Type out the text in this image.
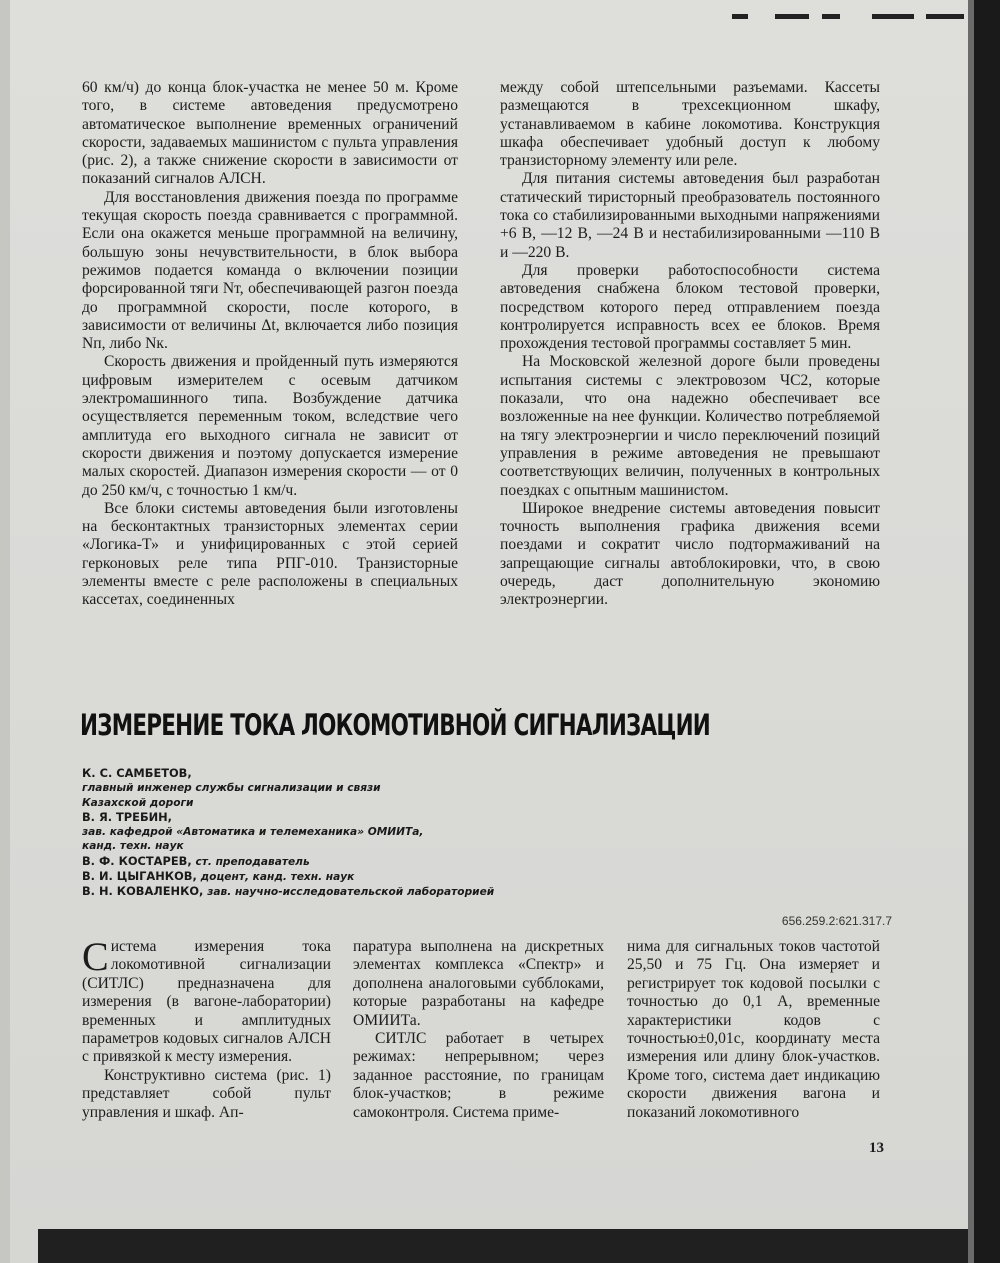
60 км/ч) до конца блок-участка не менее 50 м. Кроме того, в системе автоведения предусмотрено автоматическое выполнение временных ограничений скорости, задаваемых машинистом с пульта управления (рис. 2), а также снижение скорости в зависимости от показаний сигналов АЛСН.

Для восстановления движения поезда по программе текущая скорость поезда сравнивается с программной. Если она окажется меньше программной на величину, большую зоны нечувствительности, в блок выбора режимов подается команда о включении позиции форсированной тяги Nт, обеспечивающей разгон поезда до программной скорости, после которого, в зависимости от величины Δt, включается либо позиция Nп, либо Nк.

Скорость движения и пройденный путь измеряются цифровым измерителем с осевым датчиком электромашинного типа. Возбуждение датчика осуществляется переменным током, вследствие чего амплитуда его выходного сигнала не зависит от скорости движения и поэтому допускается измерение малых скоростей. Диапазон измерения скорости — от 0 до 250 км/ч, с точностью 1 км/ч.

Все блоки системы автоведения были изготовлены на бесконтактных транзисторных элементах серии «Логика-Т» и унифицированных с этой серией герконовых реле типа РПГ-010. Транзисторные элементы вместе с реле расположены в специальных кассетах, соединенных

между собой штепсельными разъемами. Кассеты размещаются в трехсекционном шкафу, устанавливаемом в кабине локомотива. Конструкция шкафа обеспечивает удобный доступ к любому транзисторному элементу или реле.

Для питания системы автоведения был разработан статический тиристорный преобразователь постоянного тока со стабилизированными выходными напряжениями +6 В, —12 В, —24 В и нестабилизированными —110 В и —220 В.

Для проверки работоспособности система автоведения снабжена блоком тестовой проверки, посредством которого перед отправлением поезда контролируется исправность всех ее блоков. Время прохождения тестовой программы составляет 5 мин.

На Московской железной дороге были проведены испытания системы с электровозом ЧС2, которые показали, что она надежно обеспечивает все возложенные на нее функции. Количество потребляемой на тягу электроэнергии и число переключений позиций управления в режиме автоведения не превышают соответствующих величин, полученных в контрольных поездках с опытным машинистом.

Широкое внедрение системы автоведения повысит точность выполнения графика движения всеми поездами и сократит число подтормаживаний на запрещающие сигналы автоблокировки, что, в свою очередь, даст дополнительную экономию электроэнергии.

ИЗМЕРЕНИЕ ТОКА ЛОКОМОТИВНОЙ СИГНАЛИЗАЦИИ
К. С. САМБЕТОВ,
главный инженер службы сигнализации и связи
Казахской дороги
В. Я. ТРЕБИН,
зав. кафедрой «Автоматика и телемеханика» ОМИИТа,
канд. техн. наук
В. Ф. КОСТАРЕВ, ст. преподаватель
В. И. ЦЫГАНКОВ, доцент, канд. техн. наук
В. Н. КОВАЛЕНКО, зав. научно-исследовательской лабораторией
656.259.2:621.317.7

Система измерения тока локомотивной сигнализации (СИТЛС) предназначена для измерения (в вагоне-лаборатории) временных и амплитудных параметров кодовых сигналов АЛСН с привязкой к месту измерения.

Конструктивно система (рис. 1) представляет собой пульт управления и шкаф. Ап-

паратура выполнена на дискретных элементах комплекса «Спектр» и дополнена аналоговыми субблоками, которые разработаны на кафедре ОМИИТа.

СИТЛС работает в четырех режимах: непрерывном; через заданное расстояние, по границам блок-участков; в режиме самоконтроля. Система приме-

нима для сигнальных токов частотой 25,50 и 75 Гц. Она измеряет и регистрирует ток кодовой посылки с точностью до 0,1 А, временные характеристики кодов с точностью±0,01с, координату места измерения или длину блок-участков. Кроме того, система дает индикацию скорости движения вагона и показаний локомотивного

13
